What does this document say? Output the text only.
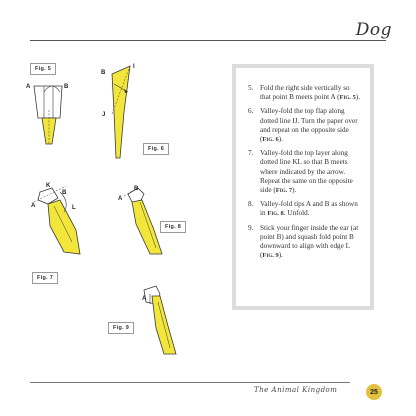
Dog
Fig. 5
A	B
B
I
J
Fig. 6
K
B
L
A
Fig. 7
B
A
Fig. 8
Fig. 9
A
5. Fold the right side vertically so that point B meets point A (Fig. 5).
6. Valley-fold the top flap along dotted line IJ. Turn the paper over and repeat on the opposite side (Fig. 6).
7. Valley-fold the top layer along dotted line KL so that B meets where indicated by the arrow. Repeat the same on the opposite side (Fig. 7).
8. Valley-fold tips A and B as shown in Fig. 8. Unfold.
9. Stick your finger inside the ear (at point B) and squash fold point B downward to align with edge L (Fig. 9).
The Animal Kingdom	25
